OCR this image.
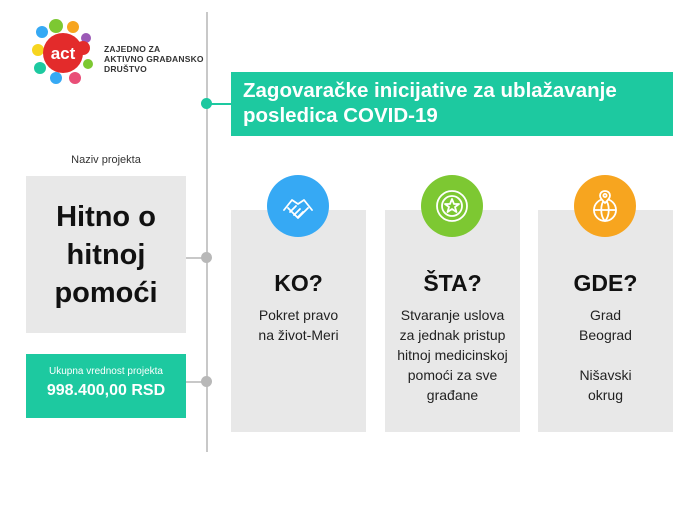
act	ZAJEDNO ZA
AKTIVNO GRAĐANSKO
DRUŠTVO
Zagovaračke inicijative za ublažavanje
posledica COVID-19
Naziv projekta
Hitno o
hitnoj
pomoći
Ukupna vrednost projekta
998.400,00 RSD
KO?
Pokret pravo
na život-Meri
ŠTA?
Stvaranje uslova
za jednak pristup
hitnoj medicinskoj
pomoći za sve
građane
GDE?
Grad
Beograd
Nišavski
okrug
